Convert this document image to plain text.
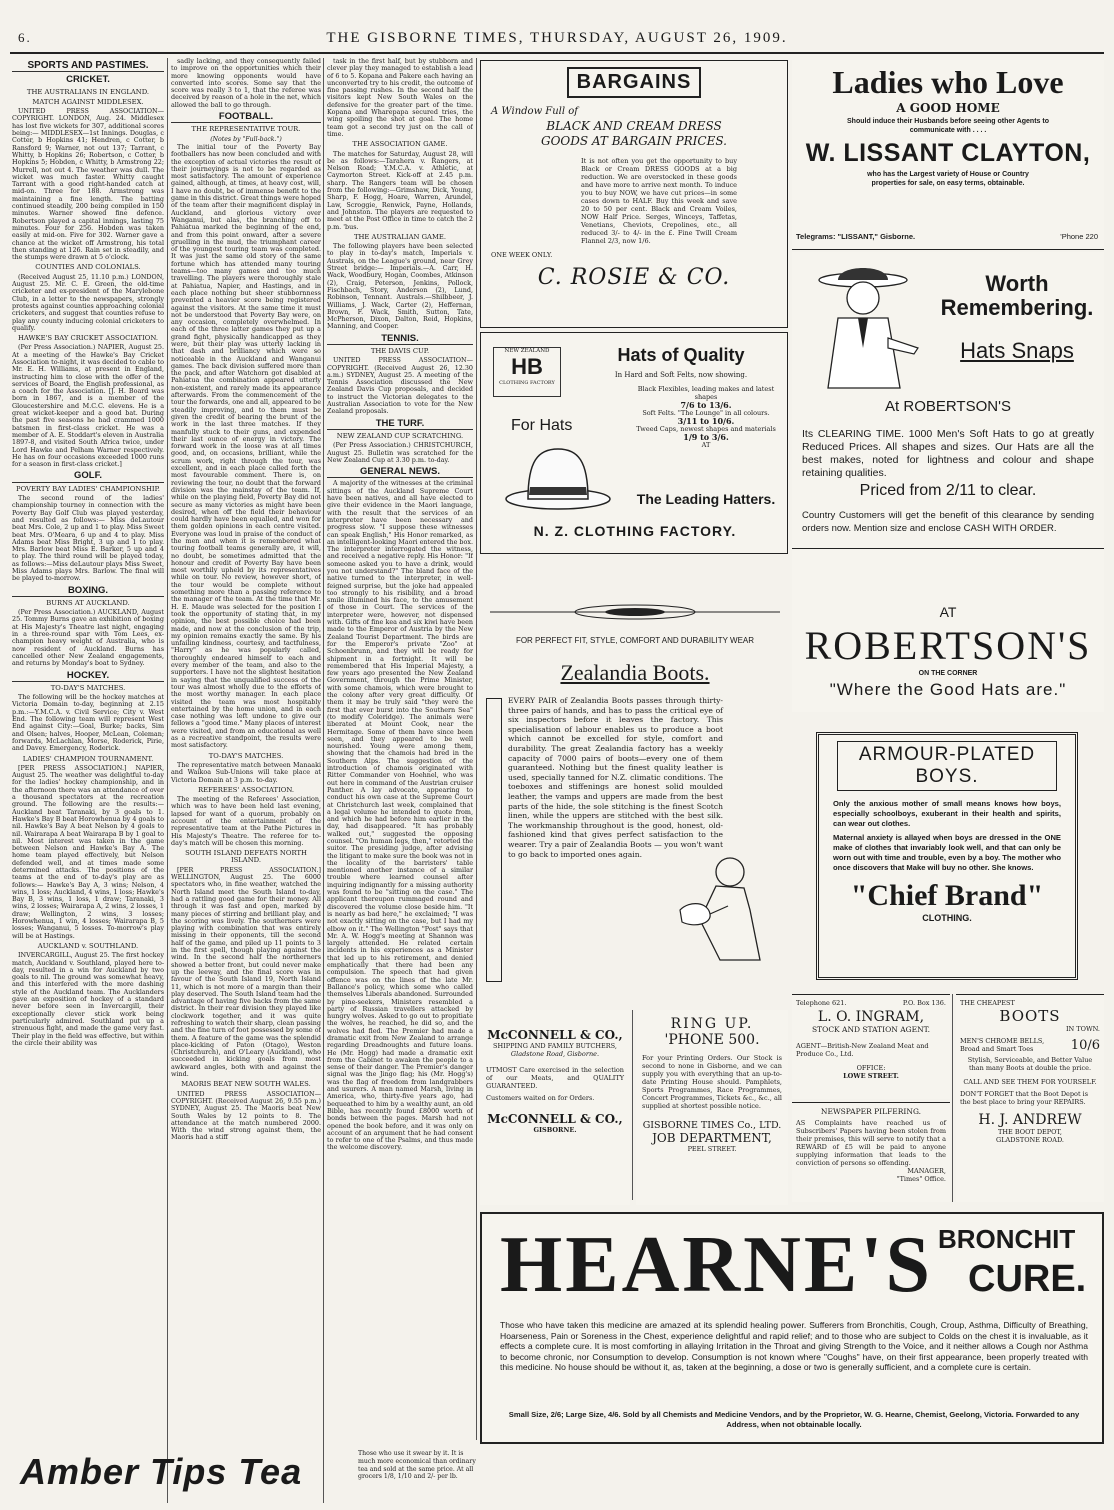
6.	THE GISBORNE TIMES, THURSDAY, AUGUST 26, 1909.
SPORTS AND PASTIMES.
CRICKET.
THE AUSTRALIANS IN ENGLAND.
MATCH AGAINST MIDDLESEX.

UNITED PRESS ASSOCIATION—COPYRIGHT. LONDON, Aug. 24. Middlesex has lost five wickets for 307, additional scores being:— MIDDLESEX—1st Innings. Douglas, c Cotter, b Hopkins 41; Hendren, c Cotter, b Ransford 9; Warner, not out 137; Tarrant, c Whitty, b Hopkins 26; Robertson, c Cotter, b Hopkins 5; Hobden, c Whitty, b Armstrong 22; Murrell, not out 4. The weather was dull. The wicket was much faster. Whitty caught Tarrant with a good right-handed catch at mid-on. Three for 188. Armstrong was maintaining a fine length. The batting continued steadily, 200 being compiled in 150 minutes. Warner showed fine defence. Robertson played a capital innings, lasting 75 minutes. Four for 256. Hobden was taken easily at mid-on. Five for 302. Warner gave a chance at the wicket off Armstrong, his total then standing at 126. Rain set in steadily, and the stumps were drawn at 5 o'clock.

COUNTIES AND COLONIALS.

(Received August 25, 11.10 p.m.) LONDON, August 25. Mr. C. E. Green, the old-time cricketer and ex-president of the Marylebone Club, in a letter to the newspapers, strongly protests against counties approaching colonial cricketers, and suggest that counties refuse to play any county inducing colonial cricketers to qualify.

HAWKE'S BAY CRICKET ASSOCIATION.

(Per Press Association.) NAPIER, August 25. At a meeting of the Hawke's Bay Cricket Association to-night, it was decided to cable to Mr. E. H. Williams, at present in England, instructing him to close with the offer of the services of Board, the English professional, as a coach for the Association. [J. H. Board was born in 1867, and is a member of the Gloucestershire and M.C.C. elevens. He is a great wicket-keeper and a good bat. During the past five seasons he had crammed 1000 batsmen in first-class cricket. He was a member of A. E. Stoddart's eleven in Australia 1897-8, and visited South Africa twice, under Lord Hawke and Pelham Warner respectively. He has on four occasions exceeded 1000 runs for a season in first-class cricket.]

GOLF.
POVERTY BAY LADIES' CHAMPIONSHIP.

The second round of the ladies' championship tourney in connection with the Poverty Bay Golf Club was played yesterday, and resulted as follows:— Miss deLautour beat Mrs. Cole, 2 up and 1 to play. Miss Sweet beat Mrs. O'Meara, 6 up and 4 to play. Miss Adams beat Miss Bright, 3 up and 1 to play. Mrs. Barlow beat Miss E. Barker, 5 up and 4 to play. The third round will be played today, as follows:—Miss deLautour plays Miss Sweet, Miss Adams plays Mrs. Barlow. The final will be played to-morrow.

BOXING.
BURNS AT AUCKLAND.

(Per Press Association.) AUCKLAND, August 25. Tommy Burns gave an exhibition of boxing at His Majesty's Theatre last night, engaging in a three-round spar with Tom Lees, ex-champion heavy weight of Australia, who is now resident of Auckland. Burns has cancelled other New Zealand engagements, and returns by Monday's boat to Sydney.

HOCKEY.
TO-DAY'S MATCHES.

The following will be the hockey matches at Victoria Domain to-day, beginning at 2.15 p.m.:—Y.M.C.A. v. Civil Service; City v. West End. The following team will represent West End against City:—Goal, Burke; backs, Sim and Olsen; halves, Hooper, McLean, Coleman; forwards, McLachlan, Morse, Roderick, Pirie, and Davey. Emergency, Roderick.

LADIES' CHAMPION TOURNAMENT.

[PER PRESS ASSOCIATION.] NAPIER, August 25. The weather was delightful to-day for the ladies' hockey championship, and in the afternoon there was an attendance of over a thousand spectators at the recreation ground. The following are the results:— Auckland beat Taranaki, by 3 goals to 1. Hawke's Bay B beat Horowhenua by 4 goals to nil. Hawke's Bay A beat Nelson by 4 goals to nil. Wairarapa A beat Wairarapa B by 1 goal to nil. Most interest was taken in the game between Nelson and Hawke's Bay A. The home team played effectively, but Nelson defended well, and at times made some determined attacks. The positions of the teams at the end of to-day's play are as follows:— Hawke's Bay A, 3 wins; Nelson, 4 wins, 1 loss; Auckland, 4 wins, 1 loss; Hawke's Bay B, 3 wins, 1 loss, 1 draw; Taranaki, 3 wins, 2 losses; Wairarapa A, 2 wins, 2 losses, 1 draw; Wellington, 2 wins, 3 losses; Horowhenua, 1 win, 4 losses; Wairarapa B, 5 losses; Wanganui, 5 losses. To-morrow's play will be at Hastings.

AUCKLAND v. SOUTHLAND.

INVERCARGILL, August 25. The first hockey match, Auckland v. Southland, played here to-day, resulted in a win for Auckland by two goals to nil. The ground was somewhat heavy, and this interfered with the more dashing style of the Auckland team. The Aucklanders gave an exposition of hockey of a standard never before seen in Invercargill, their exceptionally clever stick work being particularly admired. Southland put up a strenuous fight, and made the game very fast. Their play in the field was effective, but within the circle their ability was

sadly lacking, and they consequently failed to improve on the opportunities which their more knowing opponents would have converted into scores. Some say that the score was really 3 to 1, that the referee was deceived by reason of a hole in the net, which allowed the ball to go through.

FOOTBALL.
THE REPRESENTATIVE TOUR.
(Notes by "Full-back.")

The initial tour of the Poverty Bay footballers has now been concluded and with the exception of actual victories the result of their journeyings is not to be regarded as most satisfactory. The amount of experience gained, although, at times, at heavy cost, will, I have no doubt, be of immense benefit to the game in this district. Great things were hoped of the team after their magnificent display in Auckland, and glorious victory over Wanganui, but alas, the branching off to Pahiatua marked the beginning of the end, and from this point onward, after a severe gruelling in the mud, the triumphant career of the youngest touring team was completed. It was just the same old story of the same fortune which has attended many touring teams—too many games and too much travelling. The players were thoroughly stale at Pahiatua, Napier, and Hastings, and in each place nothing but sheer stubbornness prevented a heavier score being registered against the visitors. At the same time it must not be understood that Poverty Bay were, on any occasion, completely overwhelmed. In each of the three latter games they put up a grand fight, physically handicapped as they were, but their play was utterly lacking in that dash and brilliancy which were so noticeable in the Auckland and Wanganui games. The back division suffered more than the pack, and after Watchorn got disabled at Pahiatua the combination appeared utterly non-existent, and rarely made its appearance afterwards. From the commencement of the tour the forwards, one and all, appeared to be steadily improving, and to them must be given the credit of bearing the brunt of the work in the last three matches. If they manfully stuck to their guns, and expended their last ounce of energy in victory. The forward work in the loose was at all times good, and, on occasions, brilliant, while the scrum work, right through the tour, was excellent, and in each place called forth the most favourable comment. There is, on reviewing the tour, no doubt that the forward division was the mainstay of the team. If, while on the playing field, Poverty Bay did not secure as many victories as might have been desired, when off the field their behaviour could hardly have been equalled, and won for them golden opinions in each centre visited. Everyone was loud in praise of the conduct of the men and when it is remembered what touring football teams generally are, it will, no doubt, be sometimes admitted that the honour and credit of Poverty Bay have been most worthily upheld by its representatives while on tour. No review, however short, of the tour would be complete without something more than a passing reference to the manager of the team. At the time that Mr. H. E. Maude was selected for the position I took the opportunity of stating that, in my opinion, the best possible choice had been made, and now at the conclusion of the trip, my opinion remains exactly the same. By his unfailing kindness, courtesy, and tactfulness, "Harry" as he was popularly called, thoroughly endeared himself to each and every member of the team, and also to the supporters. I have not the slightest hesitation in saying that the unqualified success of the tour was almost wholly due to the efforts of the most worthy manager. In each place visited the team was most hospitably entertained by the home union, and in each case nothing was left undone to give our fellows a "good time." Many places of interest were visited, and from an educational as well as a recreative standpoint, the results were most satisfactory.

TO-DAY'S MATCHES.

The representative match between Manaaki and Waikoa Sub-Unions will take place at Victoria Domain at 3 p.m. to-day.

REFEREES' ASSOCIATION.

The meeting of the Referees' Association, which was to have been held last evening, lapsed for want of a quorum, probably on account of the entertainment of the representative team at the Pathe Pictures in His Majesty's Theatre. The referee for to-day's match will be chosen this morning.

SOUTH ISLAND DEFEATS NORTH ISLAND.

[PER PRESS ASSOCIATION.] WELLINGTON, August 25. The 6000 spectators who, in fine weather, watched the North Island meet the South Island to-day, had a rattling good game for their money. All through it was fast and open, marked by many pieces of stirring and brilliant play, and the scoring was lively. The southerners were playing with combination that was entirely missing in their opponents, till the second half of the game, and piled up 11 points to 3 in the first spell, though playing against the wind. In the second half the northerners showed a better front, but could never make up the leeway, and the final score was in favour of the South Island 19, North Island 11, which is not more of a margin than their play deserved. The South Island team had the advantage of having five backs from the same district. In their rear division they played like clockwork together, and it was quite refreshing to watch their sharp, clean passing and the fine turn of foot possessed by some of them. A feature of the game was the splendid place-kicking of Paton (Otago), Weston (Christchurch), and O'Leary (Auckland), who succeeded in kicking goals from most awkward angles, both with and against the wind.

MAORIS BEAT NEW SOUTH WALES.

UNITED PRESS ASSOCIATION—COPYRIGHT. (Received August 26, 9.55 p.m.) SYDNEY, August 25. The Maoris beat New South Wales by 12 points to 8. The attendance at the match numbered 2000. With the wind strong against them, the Maoris had a stiff

task in the first half, but by stubborn and clever play they managed to establish a lead of 6 to 5. Kopana and Pakere each having an unconverted try to his credit, the outcome of fine passing rushes. In the second half the visitors kept New South Wales on the defensive for the greater part of the time. Kopana and Wharepapa secured tries, the wing spoiling the shot at goal. The home team got a second try just on the call of time.

THE ASSOCIATION GAME.

The matches for Saturday, August 28, will be as follows:—Tarahera v. Rangers, at Nelson Road; Y.M.C.A. v. Athletic, at Caymorton Street. Kick-off at 2.45 p.m. sharp. The Rangers team will be chosen from the following:—Grimshaw, Dick, Young, Sharp, F. Hogg, Hoare, Warren, Arundel, Law, Scroggie, Renwick, Payne, Hollands, and Johnston. The players are requested to meet at the Post Office in time to catch the 2 p.m. 'bus.

THE AUSTRALIAN GAME.

The following players have been selected to play in to-day's match, Imperials v. Australs, on the League's ground, near Grey Street bridge:— Imperials.—A. Carr, H. Wack, Woodbury, Hogan, Coombes, Atkinson (2), Craig, Peterson, Jenkins, Pollock, Fischbach, Story, Anderson (2), Lund, Robinson, Tennant. Australs.—Shilbbeer, J. Williams, J. Wack, Carter (2), Heffernan, Brown, F. Wack, Smith, Sutton, Tate, McPherson, Dixon, Dalton, Reid, Hopkins, Manning, and Cooper.

TENNIS.
THE DAVIS CUP.

UNITED PRESS ASSOCIATION—COPYRIGHT. (Received August 26, 12.30 a.m.) SYDNEY, August 25. A meeting of the Tennis Association discussed the New Zealand Davis Cup proposals, and decided to instruct the Victorian delegates to the Australian Association to vote for the New Zealand proposals.

THE TURF.
NEW ZEALAND CUP SCRATCHING.

(Per Press Association.) CHRISTCHURCH, August 25. Bulletin was scratched for the New Zealand Cup at 3.30 p.m. to-day.

GENERAL NEWS.

A majority of the witnesses at the criminal sittings of the Auckland Supreme Court have been natives, and all have elected to give their evidence in the Maori language, with the result that the services of an interpreter have been necessary and progress slow. "I suppose these witnesses can speak English," His Honor remarked, as an intelligent-looking Maori entered the box. The interpreter interrogated the witness, and received a negative reply. His Honor: "If someone asked you to have a drink, would you not understand?" The bland face of the native turned to the interpreter, in well-feigned surprise, but the joke had appealed too strongly to his risibility, and a broad smile illumined his face, to the amusement of those in Court. The services of the interpreter were, however, not dispensed with. Gifts of fine kea and six kiwi have been made to the Emperor of Austria by the New Zealand Tourist Department. The birds are for the Emperor's private "Zoo" at Schoenbrunn, and they will be ready for shipment in a fortnight. It will be remembered that His Imperial Majesty, a few years ago presented the New Zealand Government, through the Prime Minister, with some chamois, which were brought to the colony after very great difficulty. Of them it may be truly said "they were the first that ever burst into the Southern Sea" (to modify Coleridge). The animals were liberated at Mount Cook, near the Hermitage. Some of them have since been seen, and they appeared to be well nourished. Young were among them, showing that the chamois had bred in the Southern Alps. The suggestion of the introduction of chamois originated with Ritter Commander von Hoehnel, who was out here in command of the Austrian cruiser Panther. A lay advocate, appearing to conduct his own case at the Supreme Court at Christchurch last week, complained that a legal volume he intended to quote from, and which he had before him earlier in the day, had disappeared. "It has probably walked out," suggested the opposing counsel. "On human legs, then," retorted the suitor. The presiding judge, after advising the litigant to make sure the book was not in the locality of the barristers' table mentioned another instance of a similar trouble where learned counsel after inquiring indignantly for a missing authority was found to be "sitting on the case." The applicant thereupon rummaged round and discovered the volume close beside him. "It is nearly as bad here," he exclaimed; "I was not exactly sitting on the case, but I had my elbow on it." The Wellington "Post" says that Mr. A. W. Hogg's meeting at Shannon was largely attended. He related certain incidents in his experiences as a Minister that led up to his retirement, and denied emphatically that there had been any compulsion. The speech that had given offence was on the lines of the late Mr. Ballance's policy, which some who called themselves Liberals abandoned. Surrounded by pine-seekers, Ministers resembled a party of Russian travellers attacked by hungry wolves. Asked to go out to propitiate the wolves, he reached, he did so, and the wolves had fled. The Premier had made a dramatic exit from New Zealand to arrange regarding Dreadnoughts and future loans. He (Mr. Hogg) had made a dramatic exit from the Cabinet to awaken the people to a sense of their danger. The Premier's danger signal was the Jingo flag; his (Mr. Hogg's) was the flag of freedom from landgrabbers and usurers. A man named Marsh, living in America, who, thirty-five years ago, had bequeathed to him by a wealthy aunt, an old Bible, has recently found £8000 worth of bonds between the pages. Marsh had not opened the book before, and it was only on account of an argument that he had consent to refer to one of the Psalms, and thus made the welcome discovery.

BARGAINS
A Window Full of
BLACK AND CREAM DRESS GOODS AT BARGAIN PRICES.
It is not often you get the opportunity to buy Black or Cream DRESS GOODS at a big reduction. We are overstocked in these goods and have more to arrive next month. To induce you to buy NOW, we have cut prices—in some cases down to HALF. Buy this week and save 20 to 50 per cent. Black and Cream Voiles, NOW Half Price. Serges, Winceys, Taffetas, Venetians, Cheviots, Crepolines, etc., all reduced 3/- to 4/- in the £. Fine Twill Cream Flannel 2/3, now 1/6.
ONE WEEK ONLY.
C. ROSIE & CO.
NEW ZEALAND
HB
CLOTHING FACTORY
Hats of Quality
In Hard and Soft Felts, now showing.
For Hats
Black Flexibles, leading makes and latest shapes
7/6 to 13/6.
Soft Felts. "The Lounge" in all colours.
3/11 to 10/6.
Tweed Caps, newest shapes and materials
1/9 to 3/6.
AT
The Leading Hatters.
N. Z. CLOTHING FACTORY.
FOR PERFECT FIT, STYLE, COMFORT AND DURABILITY WEAR
Zealandia Boots.
EVERY PAIR of Zealandia Boots passes through thirty-three pairs of hands, and has to pass the critical eye of six inspectors before it leaves the factory. This specialisation of labour enables us to produce a boot which cannot be excelled for style, comfort and durability. The great Zealandia factory has a weekly capacity of 7000 pairs of boots—every one of them guaranteed. Nothing but the finest quality leather is used, specially tanned for N.Z. climatic conditions. The toeboxes and stiffenings are honest solid moulded leather, the vamps and uppers are made from the best parts of the hide, the sole stitching is the finest Scotch linen, while the uppers are stitched with the best silk. The workmanship throughout is the good, honest, old-fashioned kind that gives perfect satisfaction to the wearer. Try a pair of Zealandia Boots — you won't want to go back to imported ones again.
McCONNELL & CO.,
SHIPPING AND FAMILY BUTCHERS,
Gladstone Road, Gisborne.
UTMOST Care exercised in the selection of our Meats, and QUALITY GUARANTEED.
Customers waited on for Orders.
McCONNELL & CO.,
GISBORNE.
RING UP.
'PHONE 500.
For your Printing Orders. Our Stock is second to none in Gisborne, and we can supply you with everything that an up-to-date Printing House should. Pamphlets, Sports Programmes, Race Programmes, Concert Programmes, Tickets &c., &c., all supplied at shortest possible notice.
GISBORNE TIMES Co., LTD.
JOB DEPARTMENT,
PEEL STREET.
Ladies who Love
A GOOD HOME
Should induce their Husbands before seeing other Agents to communicate with . . . .
W. LISSANT CLAYTON,
who has the Largest variety of House or Country properties for sale, on easy terms, obtainable.
Telegrams: "LISSANT," Gisborne.	'Phone 220
Worth Remembering.
Hats Snaps
At ROBERTSON'S
Its CLEARING TIME. 1000 Men's Soft Hats to go at greatly Reduced Prices. All shapes and sizes. Our Hats are all the best makes, noted for lightness and colour and shape retaining qualities.
Priced from 2/11 to clear.
Country Customers will get the benefit of this clearance by sending orders now. Mention size and enclose CASH WITH ORDER.
AT
ROBERTSON'S
ON THE CORNER
"Where the Good Hats are."
ARMOUR-PLATED BOYS.
Only the anxious mother of small means knows how boys, especially schoolboys, exuberant in their health and spirits, can wear out clothes.
Maternal anxiety is allayed when boys are dressed in the ONE make of clothes that invariably look well, and that can only be worn out with time and trouble, even by a boy. The mother who once discovers that Make will buy no other. She knows.
"Chief Brand"
CLOTHING.
Telephone 621.	P.O. Box 136.
L. O. INGRAM,
STOCK AND STATION AGENT.
AGENT—British-New Zealand Meat and Produce Co., Ltd.
OFFICE:
LOWE STREET.
NEWSPAPER PILFERING.
AS Complaints have reached us of Subscribers' Papers having been stolen from their premises, this will serve to notify that a REWARD of £5 will be paid to anyone supplying information that leads to the conviction of persons so offending.
MANAGER,
"Times" Office.
THE CHEAPEST
BOOTS
IN TOWN.
MEN'S CHROME BELLS, Broad and Smart Toes	10/6
Stylish, Serviceable, and Better Value than many Boots at double the price.
CALL AND SEE THEM FOR YOURSELF.
DON'T FORGET that the Boot Depot is the best place to bring your REPAIRS.
H. J. ANDREW
THE BOOT DEPOT,
GLADSTONE ROAD.
HEARNE'S BRONCHIT
CURE.
Those who have taken this medicine are amazed at its splendid healing power. Sufferers from Bronchitis, Cough, Croup, Asthma, Difficulty of Breathing, Hoarseness, Pain or Soreness in the Chest, experience delightful and rapid relief; and to those who are subject to Colds on the chest it is invaluable, as it effects a complete cure. It is most comforting in allaying Irritation in the Throat and giving Strength to the Voice, and it neither allows a Cough nor Asthma to become chronic, nor Consumption to develop. Consumption is not known where "Coughs" have, on their first appearance, been properly treated with this medicine. No house should be without it, as, taken at the beginning, a dose or two is generally sufficient, and a complete cure is certain.
Small Size, 2/6; Large Size, 4/6. Sold by all Chemists and Medicine Vendors, and by the Proprietor, W. G. Hearne, Chemist, Geelong, Victoria. Forwarded to any Address, when not obtainable locally.
Amber Tips Tea	Those who use it swear by it. It is much more economical than ordinary tea and sold at the same price. At all grocers 1/8, 1/10 and 2/- per lb.
